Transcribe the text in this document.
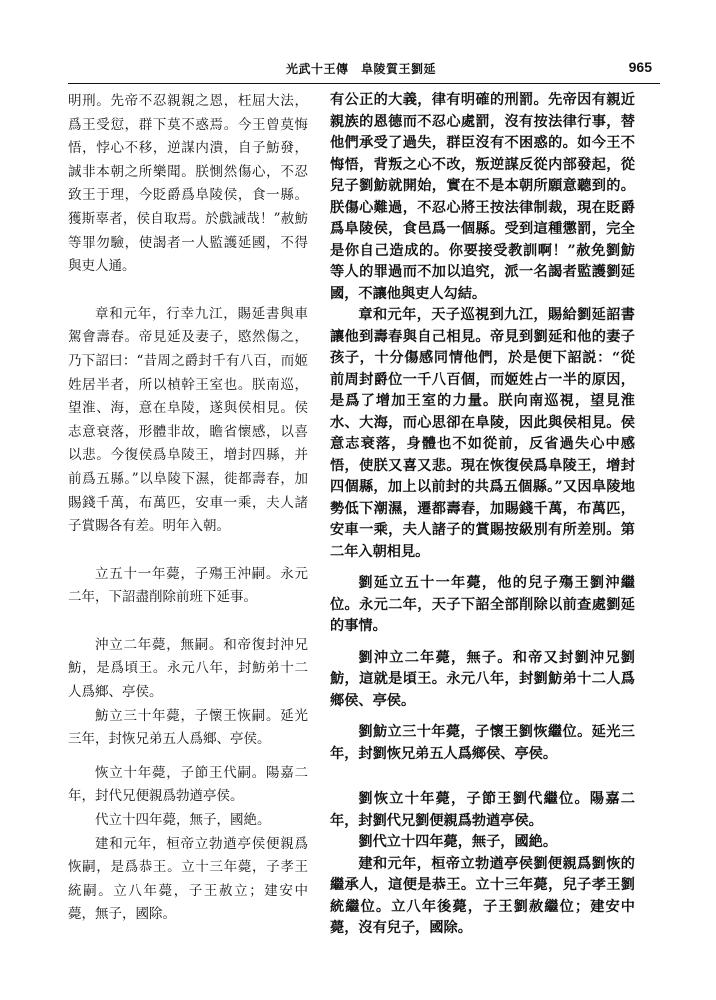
光武十王傳　阜陵質王劉延	965

明刑。先帝不忍親親之恩，枉屈大法，爲王受愆，群下莫不惑焉。今王曾莫悔悟，悖心不移，逆謀内潰，自子魴發，誠非本朝之所樂聞。朕惻然傷心，不忍致王于理，今貶爵爲阜陵侯，食一縣。獲斯辜者，侯自取焉。於戲誡哉！”赦魴等罪勿驗，使謁者一人監護延國，不得與吏人通。

章和元年，行幸九江，賜延書與車駕會壽春。帝見延及妻子，愍然傷之，乃下詔曰：“昔周之爵封千有八百，而姬姓居半者，所以楨幹王室也。朕南巡，望淮、海，意在阜陵，遂與侯相見。侯志意衰落，形體非故，瞻省懷感，以喜以悲。今復侯爲阜陵王，增封四縣，并前爲五縣。”以阜陵下濕，徙都壽春，加賜錢千萬，布萬匹，安車一乘，夫人諸子賞賜各有差。明年入朝。

立五十一年薨，子殤王沖嗣。永元二年，下詔盡削除前班下延事。

沖立二年薨，無嗣。和帝復封沖兄魴，是爲頃王。永元八年，封魴弟十二人爲鄉、亭侯。

魴立三十年薨，子懷王恢嗣。延光三年，封恢兄弟五人爲鄉、亭侯。

恢立十年薨，子節王代嗣。陽嘉二年，封代兄便親爲勃遒亭侯。

代立十四年薨，無子，國絶。

建和元年，桓帝立勃遒亭侯便親爲恢嗣，是爲恭王。立十三年薨，子孝王統嗣。立八年薨，子王赦立；建安中薨，無子，國除。

有公正的大義，律有明確的刑罰。先帝因有親近親族的恩德而不忍心處罰，沒有按法律行事，替他們承受了過失，群臣沒有不困惑的。如今王不悔悟，背叛之心不改，叛逆謀反從内部發起，從兒子劉魴就開始，實在不是本朝所願意聽到的。朕傷心難過，不忍心將王按法律制裁，現在貶爵爲阜陵侯，食邑爲一個縣。受到這種懲罰，完全是你自己造成的。你要接受教訓啊！”赦免劉魴等人的罪過而不加以追究，派一名謁者監護劉延國，不讓他與吏人勾結。

章和元年，天子巡視到九江，賜給劉延詔書讓他到壽春與自己相見。帝見到劉延和他的妻子孩子，十分傷感同情他們，於是便下詔説：“從前周封爵位一千八百個，而姬姓占一半的原因，是爲了增加王室的力量。朕向南巡視，望見淮水、大海，而心思卻在阜陵，因此與侯相見。侯意志衰落，身體也不如從前，反省過失心中感悟，使朕又喜又悲。現在恢復侯爲阜陵王，增封四個縣，加上以前封的共爲五個縣。”又因阜陵地勢低下潮濕，遷都壽春，加賜錢千萬，布萬匹，安車一乘，夫人諸子的賞賜按級別有所差別。第二年入朝相見。

劉延立五十一年薨，他的兒子殤王劉沖繼位。永元二年，天子下詔全部削除以前查處劉延的事情。

劉沖立二年薨，無子。和帝又封劉沖兄劉魴，這就是頃王。永元八年，封劉魴弟十二人爲鄉侯、亭侯。

劉魴立三十年薨，子懷王劉恢繼位。延光三年，封劉恢兄弟五人爲鄉侯、亭侯。

劉恢立十年薨，子節王劉代繼位。陽嘉二年，封劉代兄劉便親爲勃遒亭侯。

劉代立十四年薨，無子，國絶。

建和元年，桓帝立勃遒亭侯劉便親爲劉恢的繼承人，這便是恭王。立十三年薨，兒子孝王劉統繼位。立八年後薨，子王劉赦繼位；建安中薨，沒有兒子，國除。
